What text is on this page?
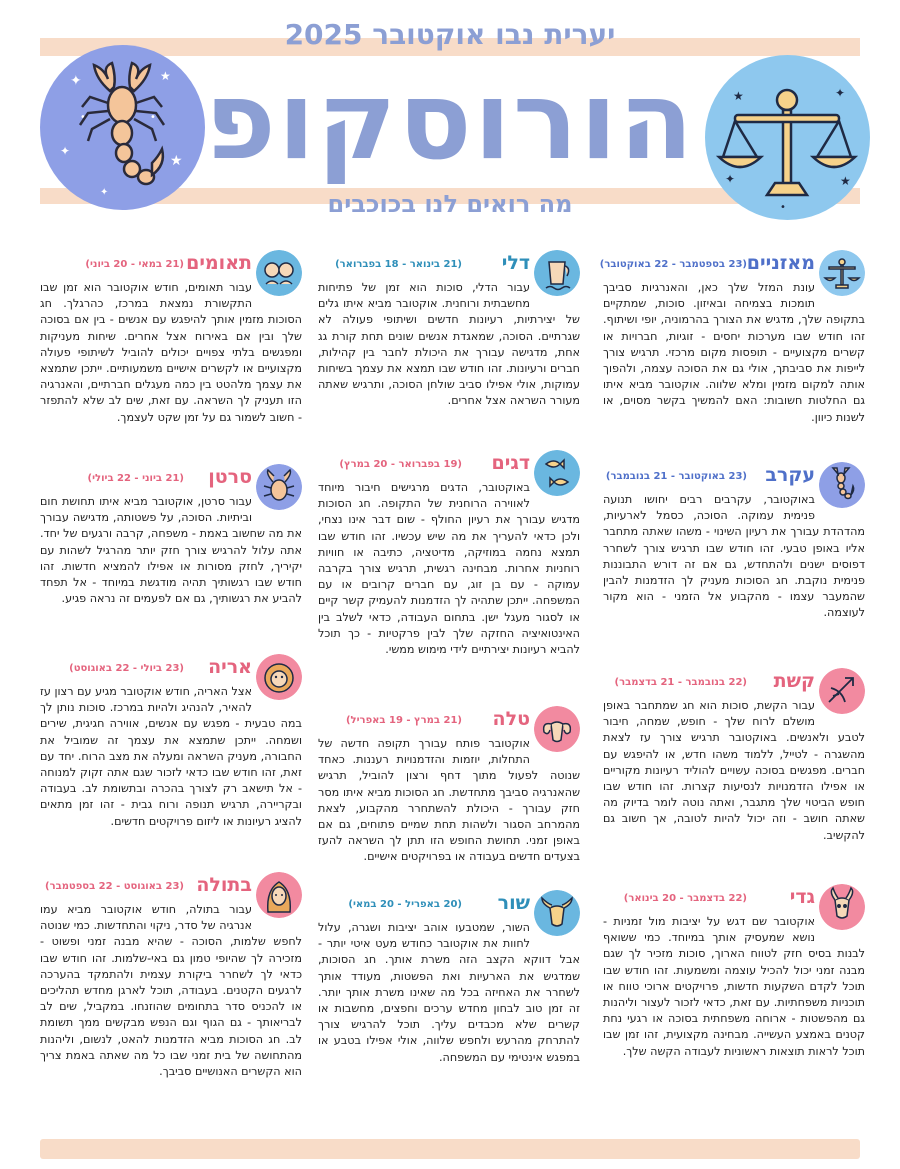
✦	★
✦
★
✦
•
•
★	✦
✦	★
•
יערית נבו אוקטובר 2025
הורוסקופ
מה רואים לנו בכוכבים
מאזניים
(23 בספטמבר - 22 באוקטובר)

עונת המזל שלך כאן, והאנרגיות סביבך תומכות בצמיחה ובאיזון. סוכות, שמתקיים בתקופה שלך, מדגיש את הצורך בהרמוניה, יופי ושיתוף. זהו חודש שבו מערכות יחסים - זוגיות, חברויות או קשרים מקצועיים - תופסות מקום מרכזי. תרגיש צורך לייפות את סביבתך, אולי גם את הסוכה עצמה, ולהפוך אותה למקום מזמין ומלא שלווה. אוקטובר מביא איתו גם החלטות חשובות: האם להמשיך בקשר מסוים, או לשנות כיוון.

עקרב
(23 באוקטובר - 21 בנובמבר)

באוקטובר, עקרבים רבים יחושו תנועה פנימית עמוקה. הסוכה, כסמל לארעיות, מהדהדת עבורך את רעיון השינוי - משהו שאתה מתחבר אליו באופן טבעי. זהו חודש שבו תרגיש צורך לשחרר דפוסים ישנים ולהתחדש, גם אם זה דורש התבוננות פנימית נוקבת. חג הסוכות מעניק לך הזדמנות להבין שהמעבר עצמו - מהקבוע אל הזמני - הוא מקור לעוצמה.

קשת
(22 בנובמבר - 21 בדצמבר)

עבור הקשת, סוכות הוא חג שמתחבר באופן מושלם לרוח שלך - חופש, שמחה, חיבור לטבע ולאנשים. באוקטובר תרגיש צורך עז לצאת מהשגרה - לטייל, ללמוד משהו חדש, או להיפגש עם חברים. מפגשים בסוכה עשויים להוליד רעיונות מקוריים או אפילו הזדמנויות לנסיעות קצרות. זהו חודש שבו חופש הביטוי שלך מתגבר, ואתה נוטה לומר בדיוק מה שאתה חושב - וזה יכול להיות לטובה, אך חשוב גם להקשיב.

גדי
(22 בדצמבר - 20 בינואר)

אוקטובר שם דגש על יציבות מול זמניות - נושא שמעסיק אותך במיוחד. כמי ששואף לבנות בסיס חזק לטווח הארוך, סוכות מזכיר לך שגם מבנה זמני יכול להכיל עוצמה ומשמעות. זהו חודש שבו תוכל לקדם השקעות חדשות, פרויקטים ארוכי טווח או תוכניות משפחתיות. עם זאת, כדאי לזכור לעצור וליהנות גם מהפשטות - ארוחה משפחתית בסוכה או רגעי נחת קטנים באמצע העשייה. מבחינה מקצועית, זהו זמן שבו תוכל לראות תוצאות ראשוניות לעבודה הקשה שלך.

דלי
(21 בינואר - 18 בפברואר)

עבור הדלי, סוכות הוא זמן של פתיחות מחשבתית ורוחנית. אוקטובר מביא איתו גלים של יצירתיות, רעיונות חדשים ושיתופי פעולה לא שגרתיים. הסוכה, שמאגדת אנשים שונים תחת קורת גג אחת, מדגישה עבורך את היכולת לחבר בין קהילות, חברים ורעיונות. זהו חודש שבו תמצא את עצמך בשיחות עמוקות, אולי אפילו סביב שולחן הסוכה, ותרגיש שאתה מעורר השראה אצל אחרים.

דגים
(19 בפברואר - 20 במרץ)

באוקטובר, הדגים מרגישים חיבור מיוחד לאווירה הרוחנית של התקופה. חג הסוכות מדגיש עבורך את רעיון החולף - שום דבר אינו נצחי, ולכן כדאי להעריך את מה שיש עכשיו. זהו חודש שבו תמצא נחמה במוזיקה, מדיטציה, כתיבה או חוויות רוחניות אחרות. מבחינה רגשית, תרגיש צורך בקרבה עמוקה - עם בן זוג, עם חברים קרובים או עם המשפחה. ייתכן שתהיה לך הזדמנות להעמיק קשר קיים או לסגור מעגל ישן. בתחום העבודה, כדאי לשלב בין האינטואיציה החזקה שלך לבין פרקטיות - כך תוכל להביא רעיונות יצירתיים לידי מימוש ממשי.

טלה
(21 במרץ - 19 באפריל)

אוקטובר פותח עבורך תקופה חדשה של התחלות, יוזמות והזדמנויות רעננות. כאחד שנוטה לפעול מתוך דחף ורצון להוביל, תרגיש שהאנרגיה סביבך מתחדשת. חג הסוכות מביא איתו מסר חזק עבורך - היכולת להשתחרר מהקבוע, לצאת מהמרחב הסגור ולשהות תחת שמיים פתוחים, גם אם באופן זמני. תחושת החופש הזו תתן לך השראה להעז בצעדים חדשים בעבודה או בפרויקטים אישיים.

שור
(20 באפריל - 20 במאי)

השור, שמטבעו אוהב יציבות ושגרה, עלול לחוות את אוקטובר כחודש מעט איטי יותר - אבל דווקא הקצב הזה משרת אותך. חג הסוכות, שמדגיש את הארעיות ואת הפשטות, מעודד אותך לשחרר את האחיזה בכל מה שאינו משרת אותך יותר. זה זמן טוב לבחון מחדש ערכים וחפצים, מחשבות או קשרים שלא מכבדים עליך. תוכל להרגיש צורך להתרחק מהרעש ולחפש שלווה, אולי אפילו בטבע או במפגש אינטימי עם המשפחה.

תאומים
(21 במאי - 20 ביוני)

עבור תאומים, חודש אוקטובר הוא זמן שבו התקשורת נמצאת במרכז, כהרגלך. חג הסוכות מזמין אותך להיפגש עם אנשים - בין אם בסוכה שלך ובין אם באירוח אצל אחרים. שיחות מעניקות ומפגשים בלתי צפויים יכולים להוביל לשיתופי פעולה מקצועיים או לקשרים אישיים משמעותיים. ייתכן שתמצא את עצמך מלהטט בין כמה מעגלים חברתיים, והאנרגיה הזו תעניק לך השראה. עם זאת, שים לב שלא להתפזר - חשוב לשמור גם על זמן שקט לעצמך.

סרטן
(21 ביוני - 22 ביולי)

עבור סרטן, אוקטובר מביא איתו תחושת חום וביתיות. הסוכה, על פשטותה, מדגישה עבורך את מה שחשוב באמת - משפחה, קרבה ורגעים של יחד. אתה עלול להרגיש צורך חזק יותר מהרגיל לשהות עם יקיריך, לחזק מסורות או אפילו להמציא חדשות. זהו חודש שבו רגשותיך תהיה מודגשת במיוחד - אל תפחד להביע את רגשותיך, גם אם לפעמים זה נראה פגיע.

אריה
(23 ביולי - 22 באוגוסט)

אצל האריה, חודש אוקטובר מגיע עם רצון עז להאיר, להנהיג ולהיות במרכז. סוכות נותן לך במה טבעית - מפגש עם אנשים, אווירה חגיגית, שירים ושמחה. ייתכן שתמצא את עצמך זה שמוביל את החבורה, מעניק השראה ומעלה את מצב הרוח. יחד עם זאת, זהו חודש שבו כדאי לזכור שגם אתה זקוק למנוחה - אל תישאב רק לצורך בהכרה ובתשומת לב. בעבודה ובקריירה, תרגיש תנופה ורוח גבית - זהו זמן מתאים להציג רעיונות או ליזום פרויקטים חדשים.

בתולה
(23 באוגוסט - 22 בספטמבר)

עבור בתולה, חודש אוקטובר מביא עמו אנרגיה של סדר, ניקוי והתחדשות. כמי שנוטה לחפש שלמות, הסוכה - שהיא מבנה זמני ופשוט - מזכירה לך שהיופי טמון גם באי-שלמות. זהו חודש שבו כדאי לך לשחרר ביקורת עצמית ולהתמקד בהערכה לרגעים הקטנים. בעבודה, תוכל לארגן מחדש תהליכים או להכניס סדר בתחומים שהוזנחו. במקביל, שים לב לבריאותך - גם הגוף וגם הנפש מבקשים ממך תשומת לב. חג הסוכות מביא הזדמנות להאט, לנשום, וליהנות מהתחושה של בית זמני שבו כל מה שאתה באמת צריך הוא הקשרים האנושיים סביבך.
